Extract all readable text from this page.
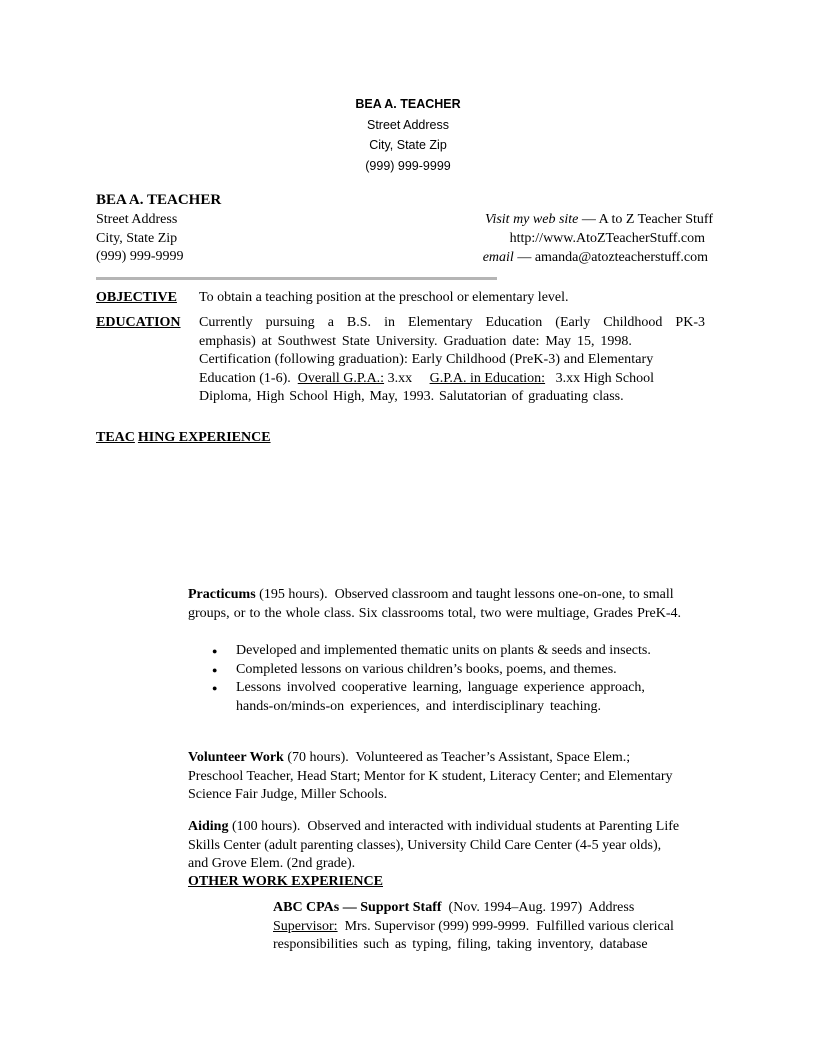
BEA A. TEACHER
Street Address
City, State Zip
(999) 999-9999
BEA A. TEACHER
Street Address
City, State Zip
(999) 999-9999
Visit my web site — A to Z Teacher Stuff
http://www.AtoZTeacherStuff.com
email — amanda@atozteacherstuff.com
OBJECTIVE To obtain a teaching position at the preschool or elementary level.
EDUCATION Currently pursuing a B.S. in Elementary Education (Early Childhood PK-3
emphasis) at Southwest State University. Graduation date: May 15, 1998.
Certification (following graduation): Early Childhood (PreK-3) and Elementary
Education (1-6).  Overall G.P.A.: 3.xx     G.P.A. in Education:   3.xx High School
Diploma, High School High, May, 1993. Salutatorian of graduating class.
TEAC HING EXPERIENCE
Practicums (195 hours).  Observed classroom and taught lessons one-on-one, to small
groups, or to the whole class. Six classrooms total, two were multiage, Grades PreK-4.
● Developed and implemented thematic units on plants & seeds and insects.
● Completed lessons on various children’s books, poems, and themes.
● Lessons involved cooperative learning, language experience approach,
hands-on/minds-on experiences, and interdisciplinary teaching.
Volunteer Work (70 hours).  Volunteered as Teacher’s Assistant, Space Elem.;
Preschool Teacher, Head Start; Mentor for K student, Literacy Center; and Elementary
Science Fair Judge, Miller Schools.
Aiding (100 hours).  Observed and interacted with individual students at Parenting Life
Skills Center (adult parenting classes), University Child Care Center (4-5 year olds),
and Grove Elem. (2nd grade).
OTHER WORK EXPERIENCE
ABC CPAs — Support Staff  (Nov. 1994–Aug. 1997)  Address
Supervisor:  Mrs. Supervisor (999) 999-9999.  Fulfilled various clerical
responsibilities such as typing, filing, taking inventory, database
